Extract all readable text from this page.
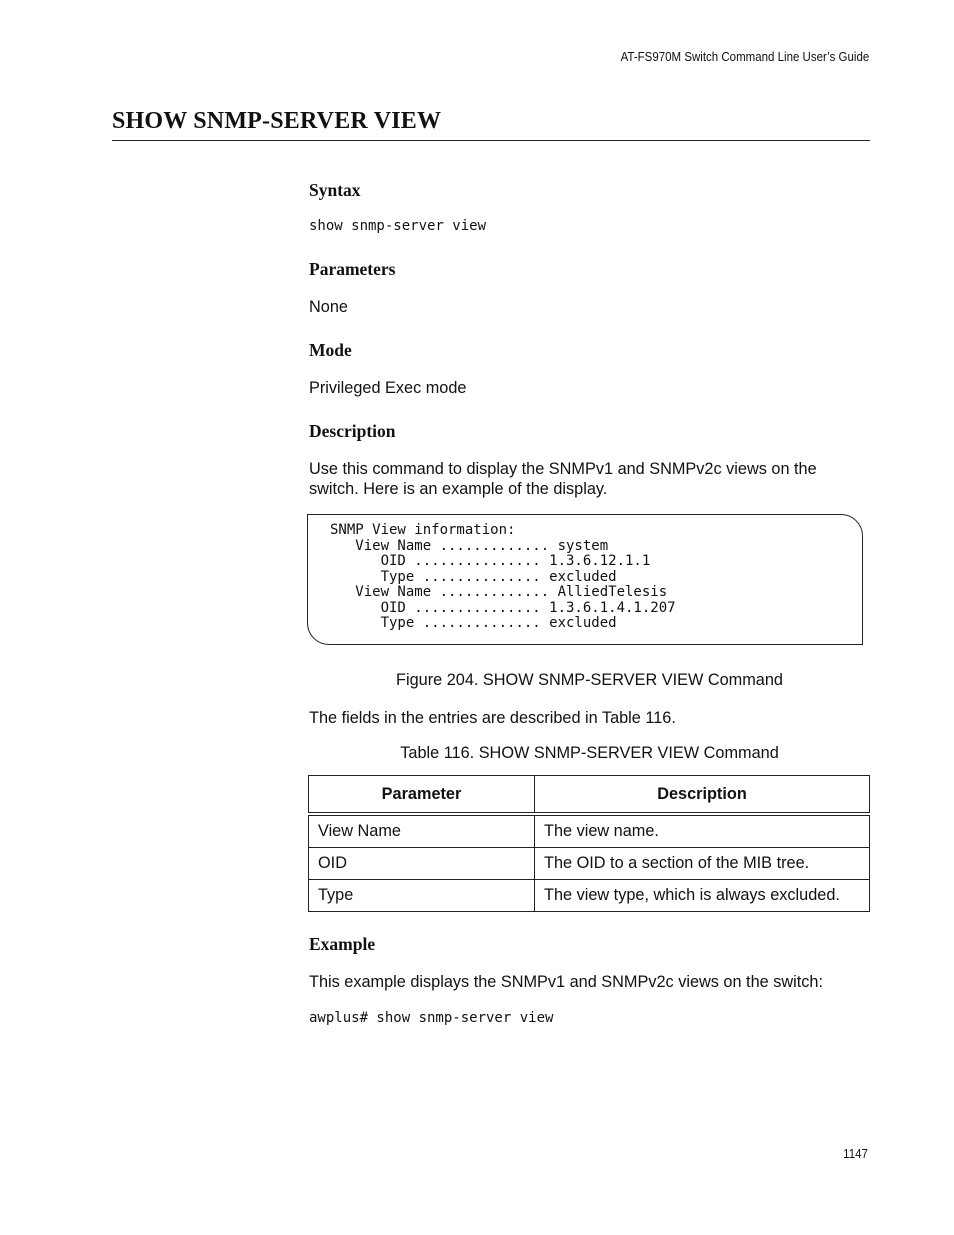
AT-FS970M Switch Command Line User’s Guide
SHOW SNMP-SERVER VIEW
Syntax

show snmp-server view

Parameters

None

Mode

Privileged Exec mode

Description

Use this command to display the SNMPv1 and SNMPv2c views on the

switch. Here is an example of the display.

SNMP View information:
View Name ............. system
OID ............... 1.3.6.12.1.1
Type .............. excluded
View Name ............. AlliedTelesis
OID ............... 1.3.6.1.4.1.207
Type .............. excluded

Figure 204. SHOW SNMP-SERVER VIEW Command

The fields in the entries are described in Table 116.

Table 116. SHOW SNMP-SERVER VIEW Command

Parameter	Description
View Name	The view name.
OID	The OID to a section of the MIB tree.
Type	The view type, which is always excluded.
Example

This example displays the SNMPv1 and SNMPv2c views on the switch:

awplus# show snmp-server view

1147
